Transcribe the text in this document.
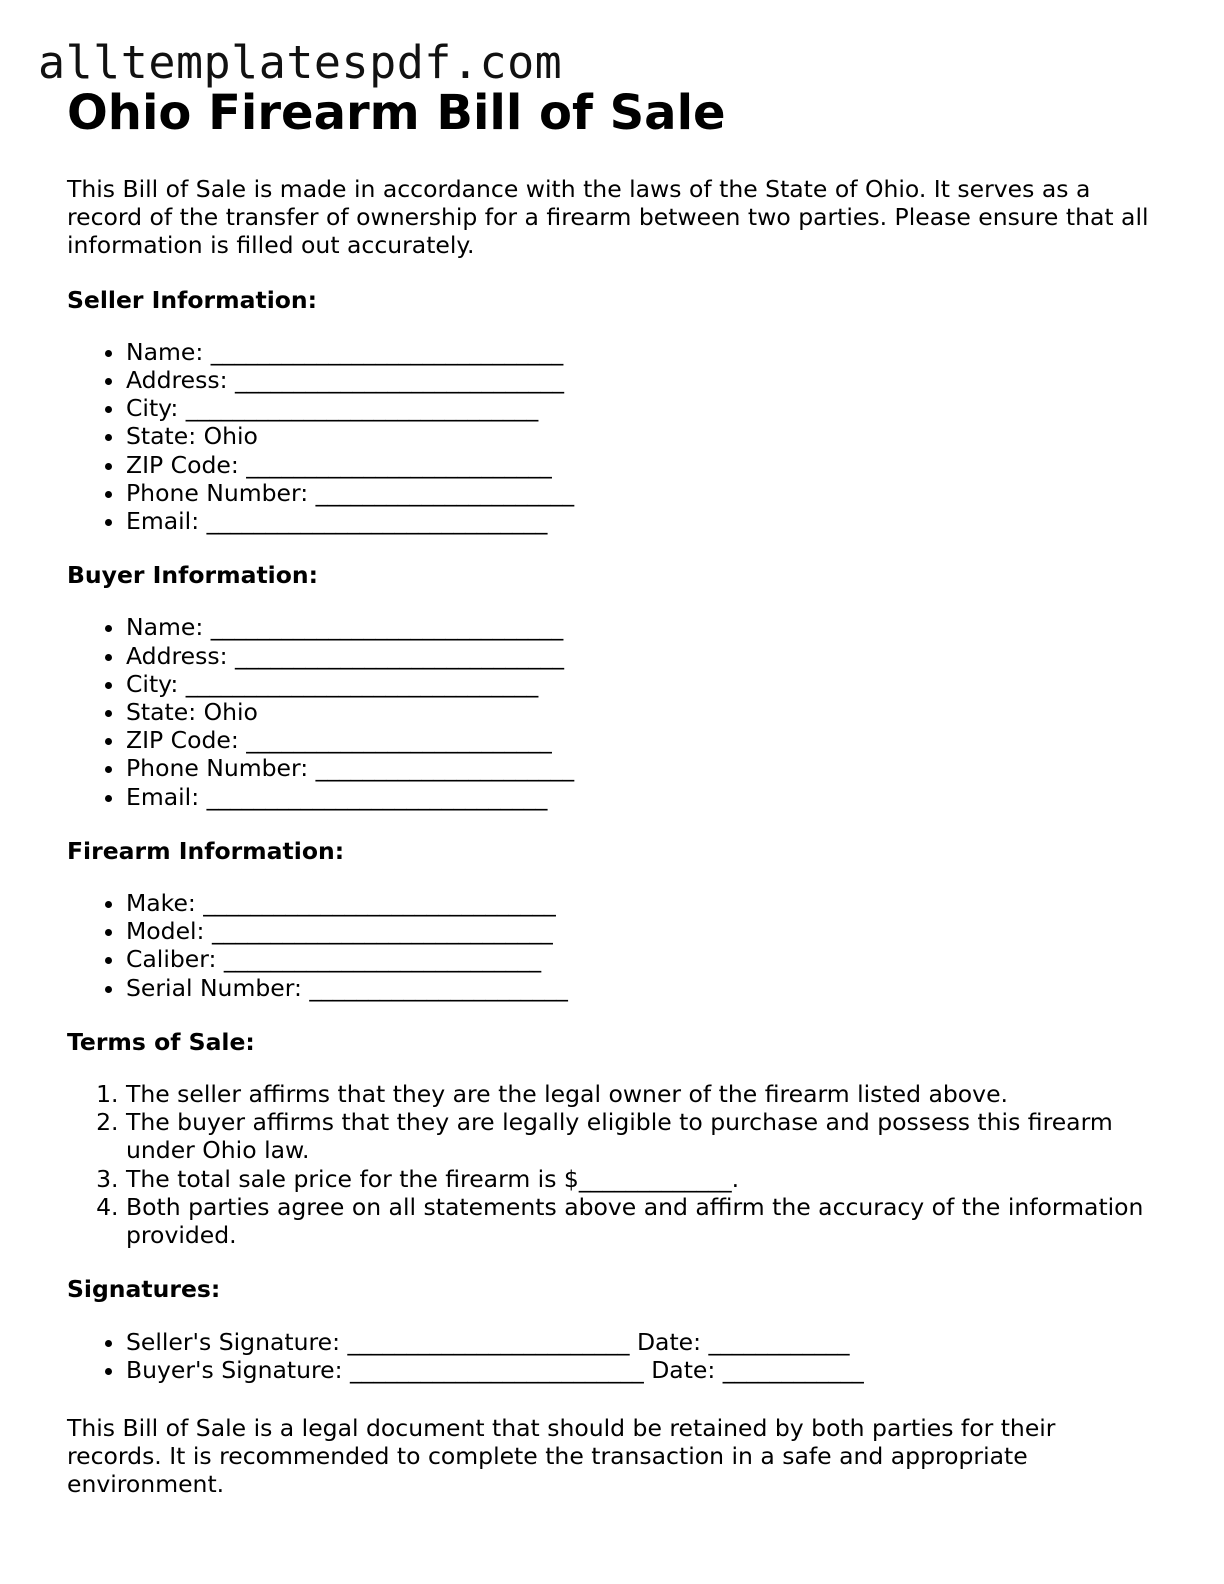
alltemplatespdf.com
Ohio Firearm Bill of Sale

This Bill of Sale is made in accordance with the laws of the State of Ohio. It serves as a record of the transfer of ownership for a firearm between two parties. Please ensure that all information is filled out accurately.

Seller Information:
• Name: ______________________________
• Address: ____________________________
• City: ______________________________
• State: Ohio
• ZIP Code: __________________________
• Phone Number: ______________________
• Email: _____________________________
Buyer Information:
• Name: ______________________________
• Address: ____________________________
• City: ______________________________
• State: Ohio
• ZIP Code: __________________________
• Phone Number: ______________________
• Email: _____________________________
Firearm Information:
• Make: ______________________________
• Model: _____________________________
• Caliber: ___________________________
• Serial Number: ______________________
Terms of Sale:
1. The seller affirms that they are the legal owner of the firearm listed above.
2. The buyer affirms that they are legally eligible to purchase and possess this firearm under Ohio law.
3. The total sale price for the firearm is $_____________.
4. Both parties agree on all statements above and affirm the accuracy of the information provided.
Signatures:
• Seller's Signature: ________________________ Date: ____________
• Buyer's Signature: _________________________ Date: ____________

This Bill of Sale is a legal document that should be retained by both parties for their records. It is recommended to complete the transaction in a safe and appropriate environment.
